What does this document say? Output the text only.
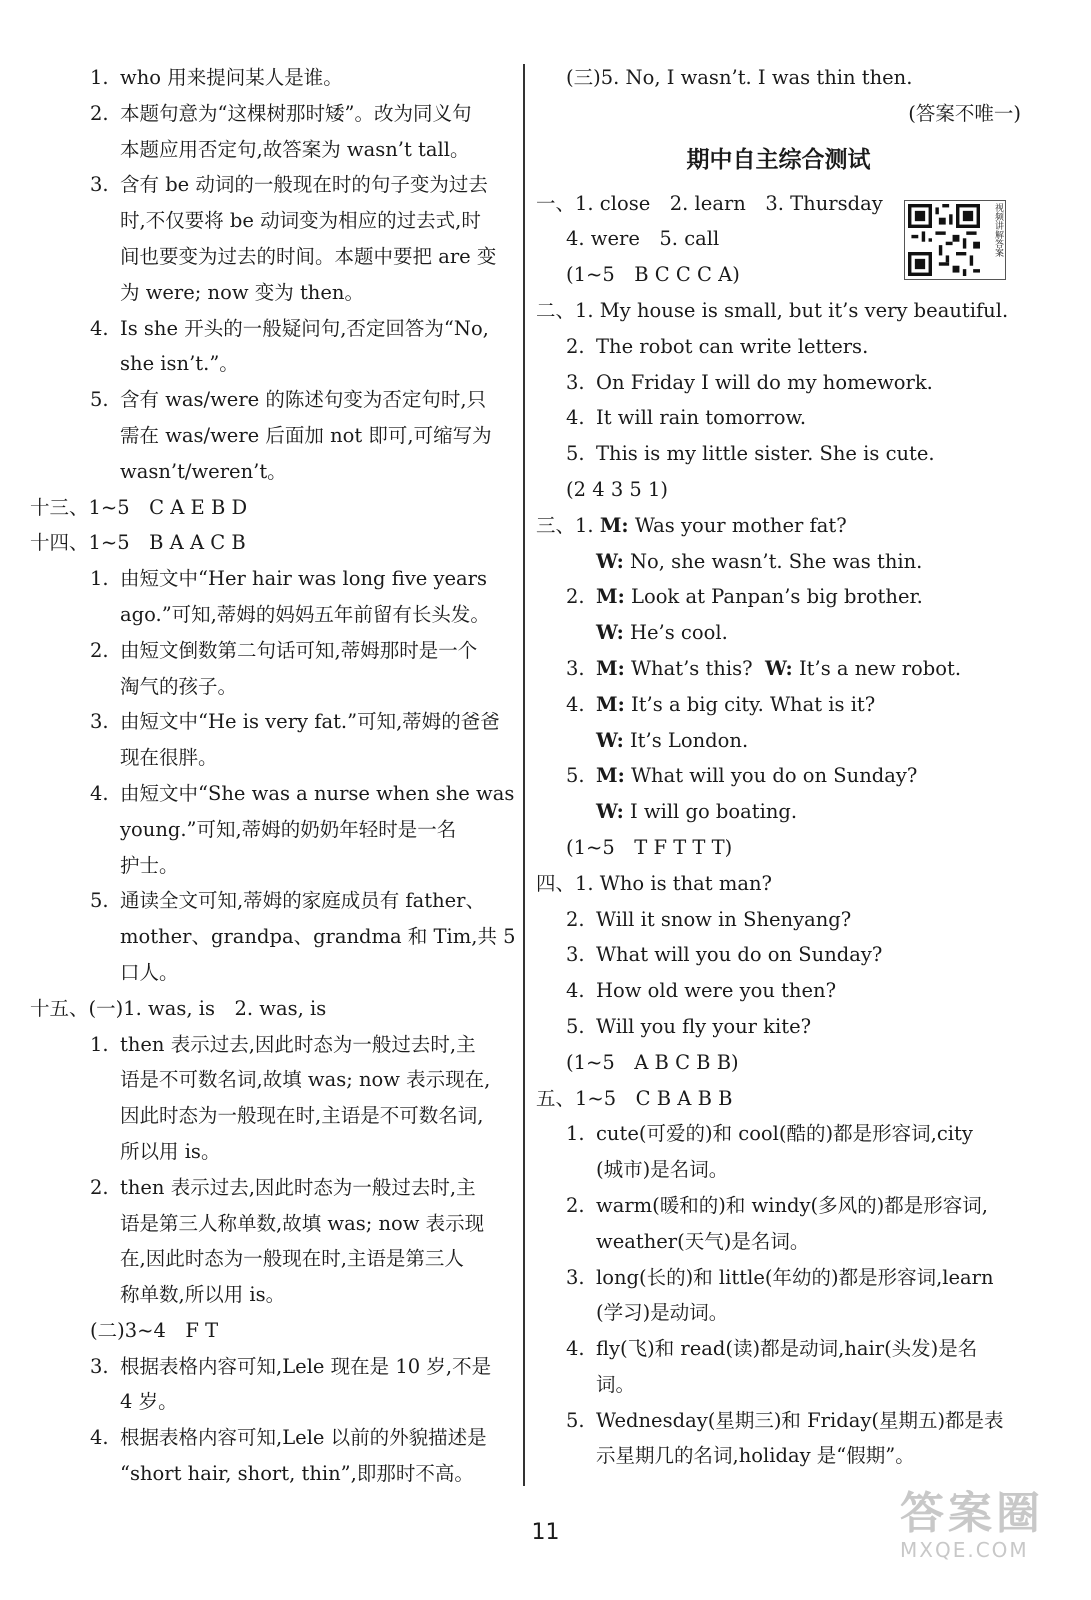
1. who 用来提问某人是谁。
2. 本题句意为“这棵树那时矮”。改为同义句
本题应用否定句,故答案为 wasn’t tall。
3. 含有 be 动词的一般现在时的句子变为过去
时,不仅要将 be 动词变为相应的过去式,时
间也要变为过去的时间。本题中要把 are 变
为 were; now 变为 then。
4. Is she 开头的一般疑问句,否定回答为“No,
she isn’t.”。
5. 含有 was/were 的陈述句变为否定句时,只
需在 was/were 后面加 not 即可,可缩写为
wasn’t/weren’t。
十三、1~5　C A E B D
十四、1~5　B A A C B
1. 由短文中“Her hair was long five years
ago.”可知,蒂姆的妈妈五年前留有长头发。
2. 由短文倒数第二句话可知,蒂姆那时是一个
淘气的孩子。
3. 由短文中“He is very fat.”可知,蒂姆的爸爸
现在很胖。
4. 由短文中“She was a nurse when she was
young.”可知,蒂姆的奶奶年轻时是一名
护士。
5. 通读全文可知,蒂姆的家庭成员有 father、
mother、grandpa、grandma 和 Tim,共 5
口人。
十五、(一)1. was, is　2. was, is
1. then 表示过去,因此时态为一般过去时,主
语是不可数名词,故填 was; now 表示现在,
因此时态为一般现在时,主语是不可数名词,
所以用 is。
2. then 表示过去,因此时态为一般过去时,主
语是第三人称单数,故填 was; now 表示现
在,因此时态为一般现在时,主语是第三人
称单数,所以用 is。
(二)3~4　F T
3. 根据表格内容可知,Lele 现在是 10 岁,不是
4 岁。
4. 根据表格内容可知,Lele 以前的外貌描述是
“short hair, short, thin”,即那时不高。
(三)5. No, I wasn’t. I was thin then.
(答案不唯一)
期中自主综合测试
视频讲解答案
一、1. close　2. learn　3. Thursday
4. were　5. call
(1~5　B C C C A)
二、1. My house is small, but it’s very beautiful.
2. The robot can write letters.
3. On Friday I will do my homework.
4. It will rain tomorrow.
5. This is my little sister. She is cute.
(2 4 3 5 1)
三、1. M: Was your mother fat?
W: No, she wasn’t. She was thin.
2. M: Look at Panpan’s big brother.
W: He’s cool.
3. M: What’s this? W: It’s a new robot.
4. M: It’s a big city. What is it?
W: It’s London.
5. M: What will you do on Sunday?
W: I will go boating.
(1~5　T F T T T)
四、1. Who is that man?
2. Will it snow in Shenyang?
3. What will you do on Sunday?
4. How old were you then?
5. Will you fly your kite?
(1~5　A B C B B)
五、1~5　C B A B B
1. cute(可爱的)和 cool(酷的)都是形容词,city
(城市)是名词。
2. warm(暖和的)和 windy(多风的)都是形容词,
weather(天气)是名词。
3. long(长的)和 little(年幼的)都是形容词,learn
(学习)是动词。
4. fly(飞)和 read(读)都是动词,hair(头发)是名
词。
5. Wednesday(星期三)和 Friday(星期五)都是表
示星期几的名词,holiday 是“假期”。
11	答案圈
MXQE.COM
